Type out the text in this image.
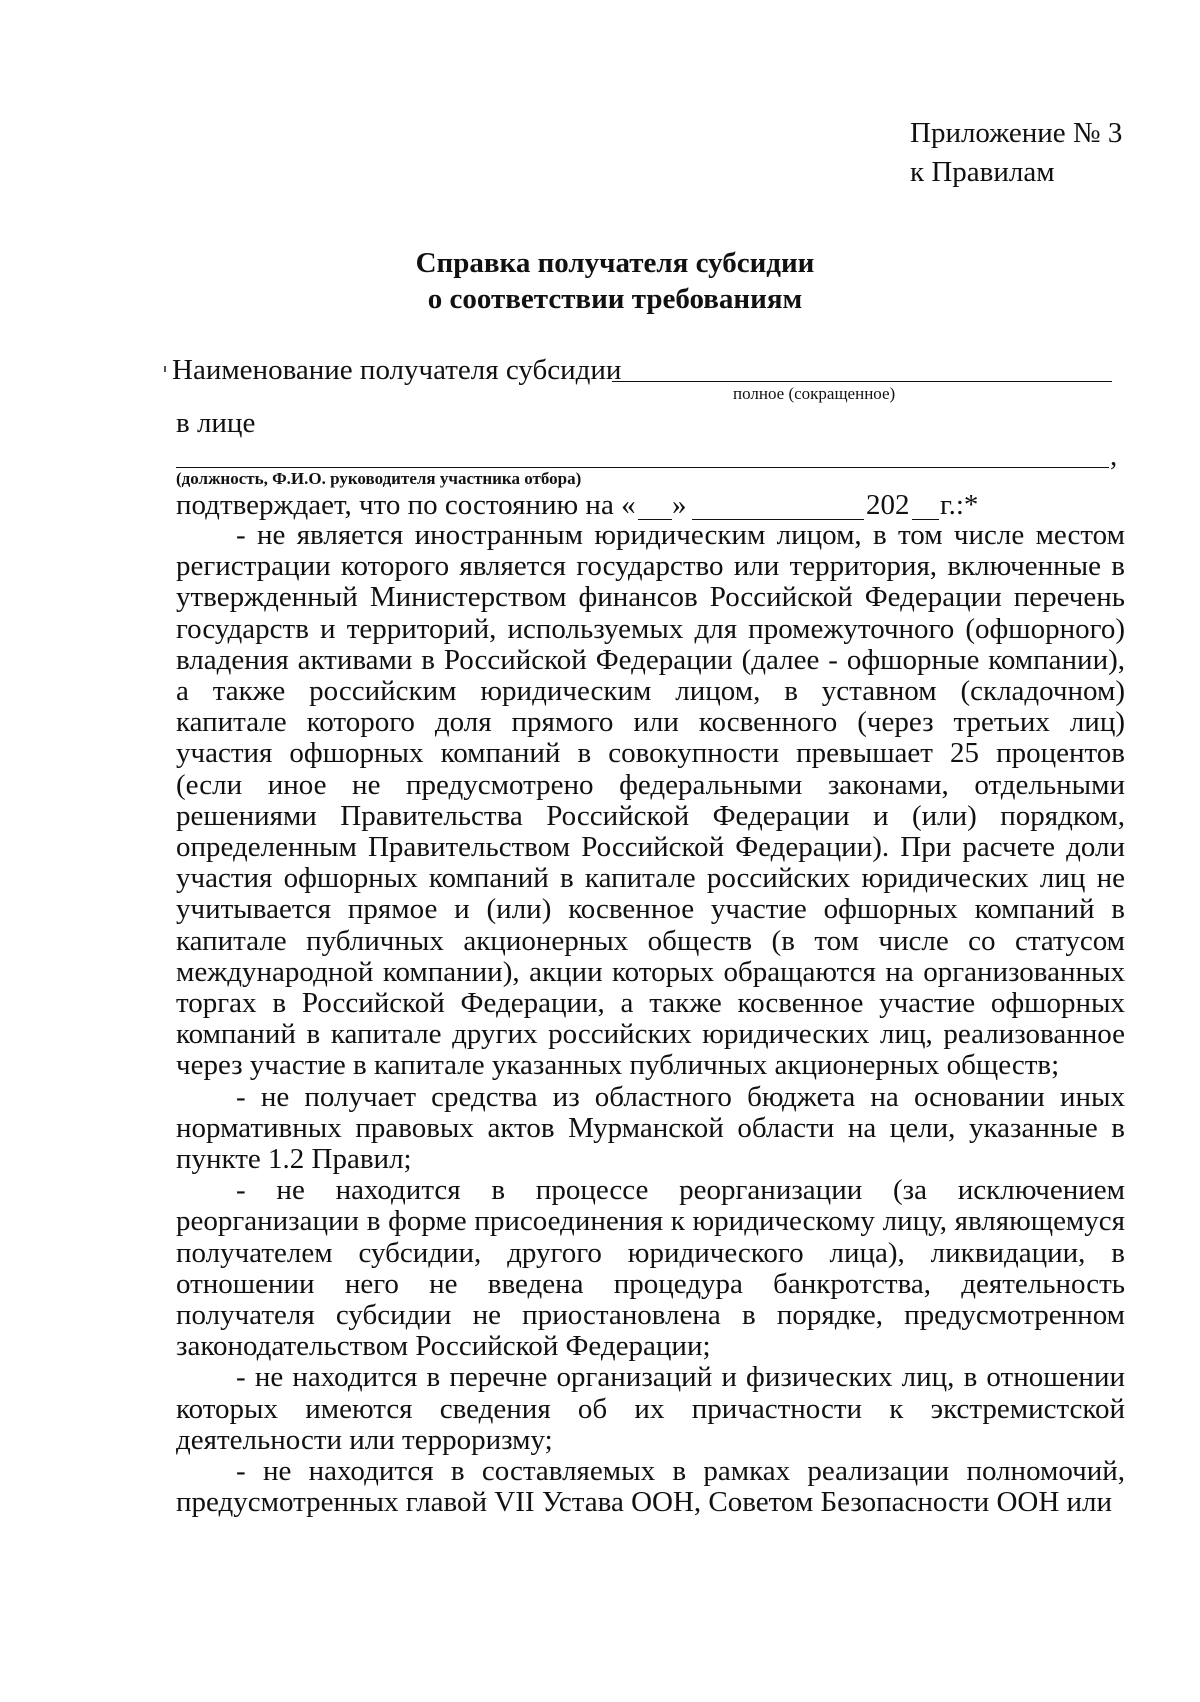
Приложение № 3
к Правилам
Справка получателя субсидии
о соответствии требованиям
Наименование получателя субсидии
полное (сокращенное)
в лице
,
(должность, Ф.И.О. руководителя участника отбора)
подтверждает, что по состоянию на « »	202 г.:*

- не является иностранным юридическим лицом, в том числе местом регистрации которого является государство или территория, включенные в утвержденный Министерством финансов Российской Федерации перечень государств и территорий, используемых для промежуточного (офшорного) владения активами в Российской Федерации (далее - офшорные компании), а также российским юридическим лицом, в уставном (складочном) капитале которого доля прямого или косвенного (через третьих лиц) участия офшорных компаний в совокупности превышает 25 процентов (если иное не предусмотрено федеральными законами, отдельными решениями Правительства Российской Федерации и (или) порядком, определенным Правительством Российской Федерации). При расчете доли участия офшорных компаний в капитале российских юридических лиц не учитывается прямое и (или) косвенное участие офшорных компаний в капитале публичных акционерных обществ (в том числе со статусом международной компании), акции которых обращаются на организованных торгах в Российской Федерации, а также косвенное участие офшорных компаний в капитале других российских юридических лиц, реализованное через участие в капитале указанных публичных акционерных обществ;

- не получает средства из областного бюджета на основании иных нормативных правовых актов Мурманской области на цели, указанные в пункте 1.2 Правил;

- не находится в процессе реорганизации (за исключением реорганизации в форме присоединения к юридическому лицу, являющемуся получателем субсидии, другого юридического лица), ликвидации, в отношении него не введена процедура банкротства, деятельность получателя субсидии не приостановлена в порядке, предусмотренном законодательством Российской Федерации;

- не находится в перечне организаций и физических лиц, в отношении которых имеются сведения об их причастности к экстремистской деятельности или терроризму;

- не находится в составляемых в рамках реализации полномочий, предусмотренных главой VII Устава ООН, Советом Безопасности ООН или
